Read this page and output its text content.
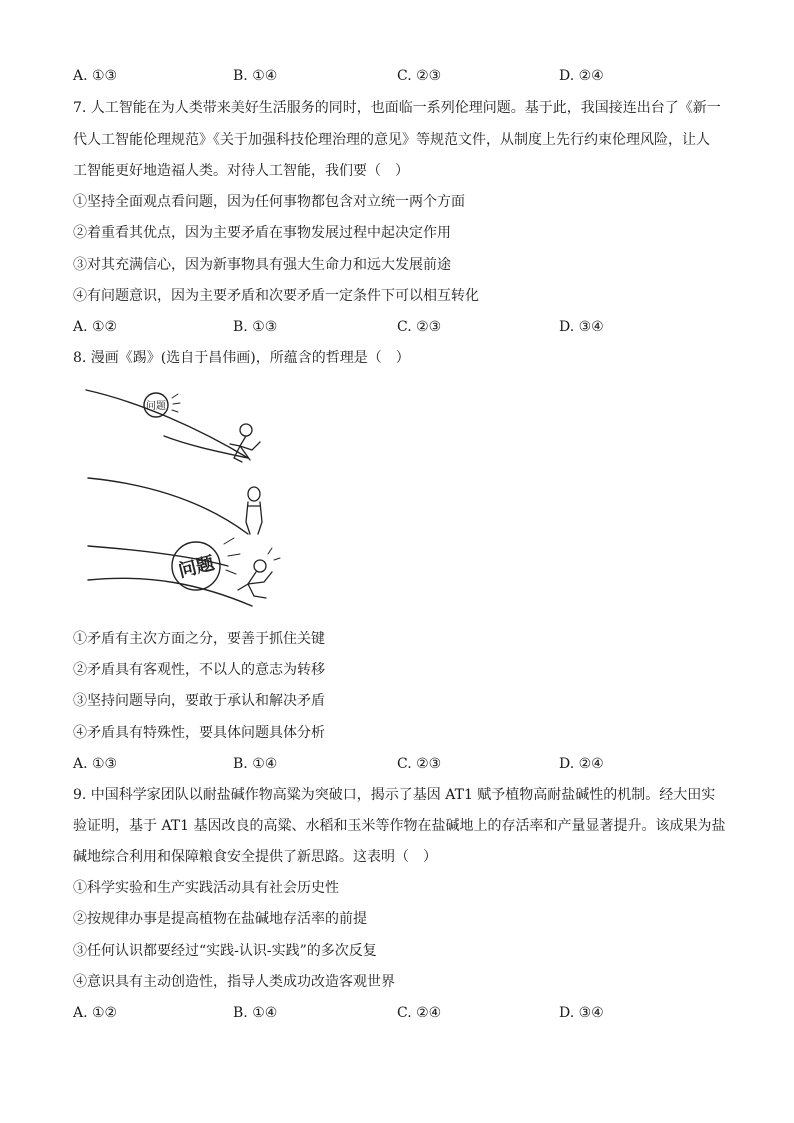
A. ①③	B. ①④	C. ②③	D. ②④
7. 人工智能在为人类带来美好生活服务的同时，也面临一系列伦理问题。基于此，我国接连出台了《新一
代人工智能伦理规范》《关于加强科技伦理治理的意见》等规范文件，从制度上先行约束伦理风险，让人
工智能更好地造福人类。对待人工智能，我们要（　）
①坚持全面观点看问题，因为任何事物都包含对立统一两个方面
②着重看其优点，因为主要矛盾在事物发展过程中起决定作用
③对其充满信心，因为新事物具有强大生命力和远大发展前途
④有问题意识，因为主要矛盾和次要矛盾一定条件下可以相互转化
A. ①②	B. ①③	C. ②③	D. ③④
8. 漫画《踢》(选自于昌伟画)，所蕴含的哲理是（　）
问题
问题
①矛盾有主次方面之分，要善于抓住关键
②矛盾具有客观性，不以人的意志为转移
③坚持问题导向，要敢于承认和解决矛盾
④矛盾具有特殊性，要具体问题具体分析
A. ①③	B. ①④	C. ②③	D. ②④
9. 中国科学家团队以耐盐碱作物高粱为突破口，揭示了基因 AT1 赋予植物高耐盐碱性的机制。经大田实
验证明，基于 AT1 基因改良的高粱、水稻和玉米等作物在盐碱地上的存活率和产量显著提升。该成果为盐
碱地综合利用和保障粮食安全提供了新思路。这表明（　）
①科学实验和生产实践活动具有社会历史性
②按规律办事是提高植物在盐碱地存活率的前提
③任何认识都要经过“实践-认识-实践”的多次反复
④意识具有主动创造性，指导人类成功改造客观世界
A. ①②	B. ①④	C. ②④	D. ③④
